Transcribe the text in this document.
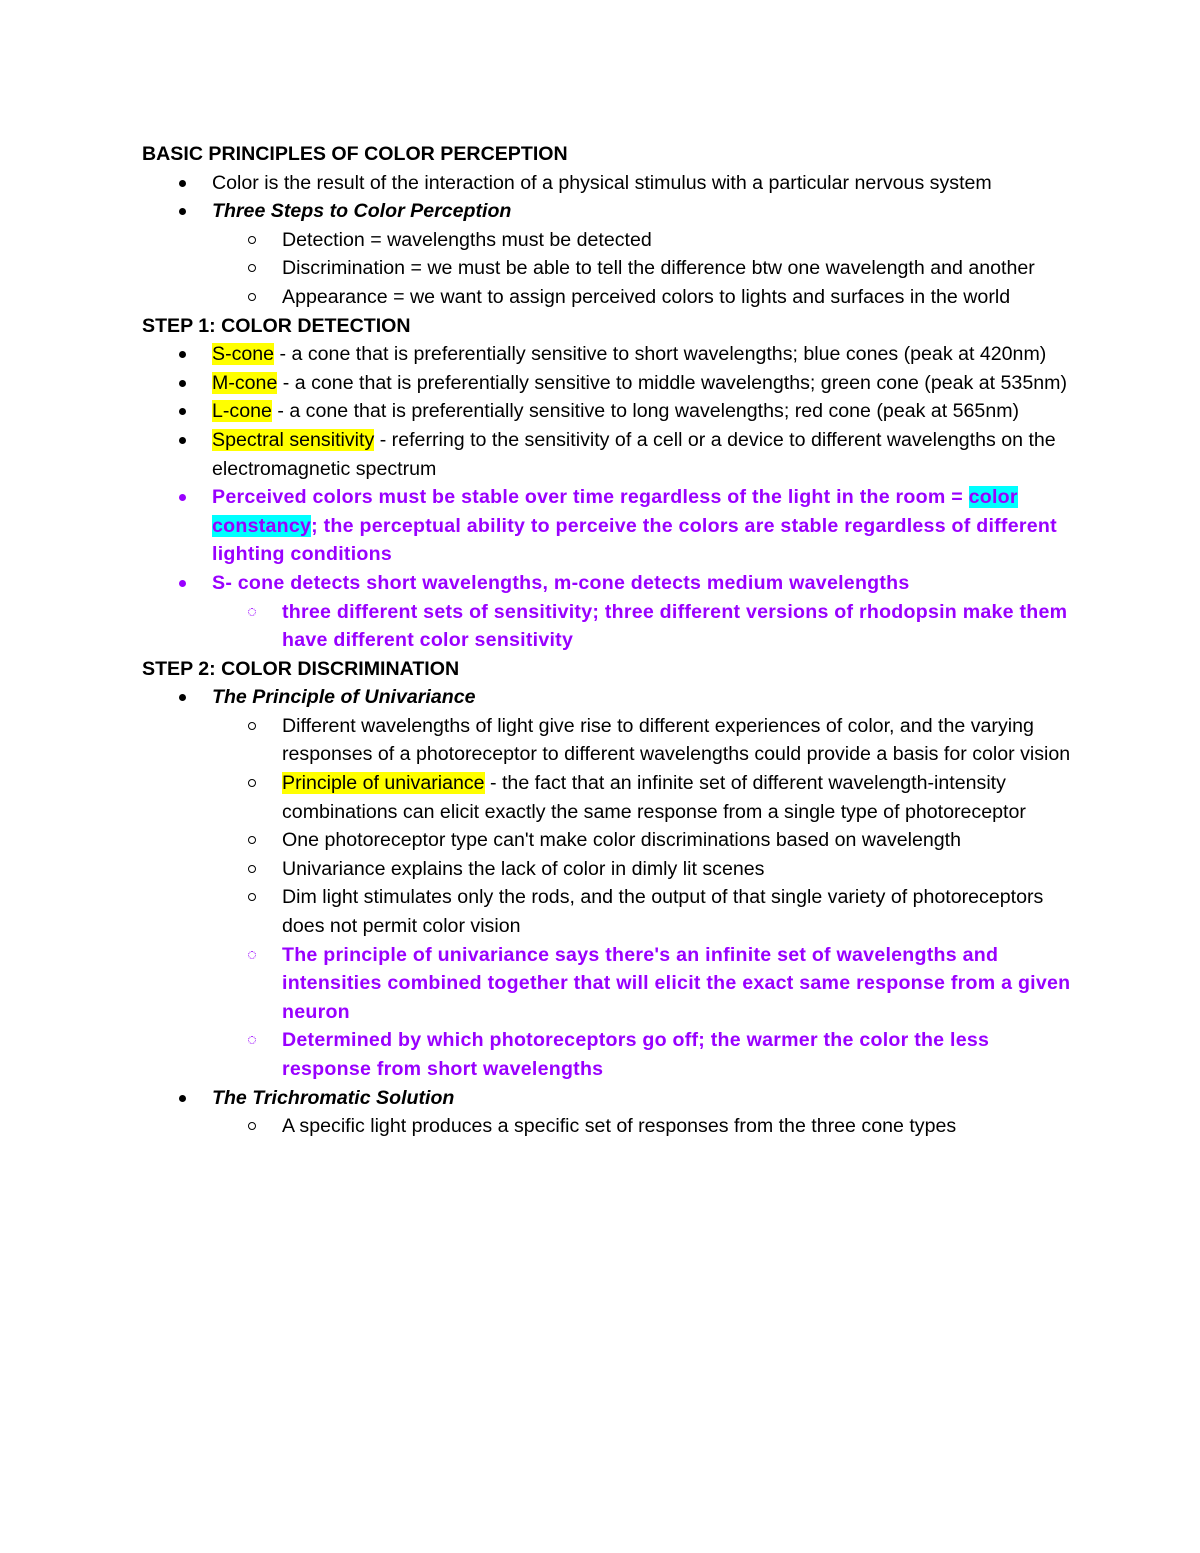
BASIC PRINCIPLES OF COLOR PERCEPTION

Color is the result of the interaction of a physical stimulus with a particular nervous system
Three Steps to Color Perception
Detection = wavelengths must be detected
Discrimination = we must be able to tell the difference btw one wavelength and another
Appearance = we want to assign perceived colors to lights and surfaces in the world

STEP 1: COLOR DETECTION

S-cone - a cone that is preferentially sensitive to short wavelengths; blue cones (peak at 420nm)
M-cone - a cone that is preferentially sensitive to middle wavelengths; green cone (peak at 535nm)
L-cone - a cone that is preferentially sensitive to long wavelengths; red cone (peak at 565nm)
Spectral sensitivity - referring to the sensitivity of a cell or a device to different wavelengths on the electromagnetic spectrum
Perceived colors must be stable over time regardless of the light in the room = color constancy; the perceptual ability to perceive the colors are stable regardless of different lighting conditions
S- cone detects short wavelengths, m-cone detects medium wavelengths
three different sets of sensitivity; three different versions of rhodopsin make them have different color sensitivity

STEP 2: COLOR DISCRIMINATION

The Principle of Univariance
Different wavelengths of light give rise to different experiences of color, and the varying responses of a photoreceptor to different wavelengths could provide a basis for color vision
Principle of univariance - the fact that an infinite set of different wavelength-intensity combinations can elicit exactly the same response from a single type of photoreceptor
One photoreceptor type can't make color discriminations based on wavelength
Univariance explains the lack of color in dimly lit scenes
Dim light stimulates only the rods, and the output of that single variety of photoreceptors does not permit color vision
The principle of univariance says there's an infinite set of wavelengths and intensities combined together that will elicit the exact same response from a given neuron
Determined by which photoreceptors go off; the warmer the color the less response from short wavelengths
The Trichromatic Solution
A specific light produces a specific set of responses from the three cone types
